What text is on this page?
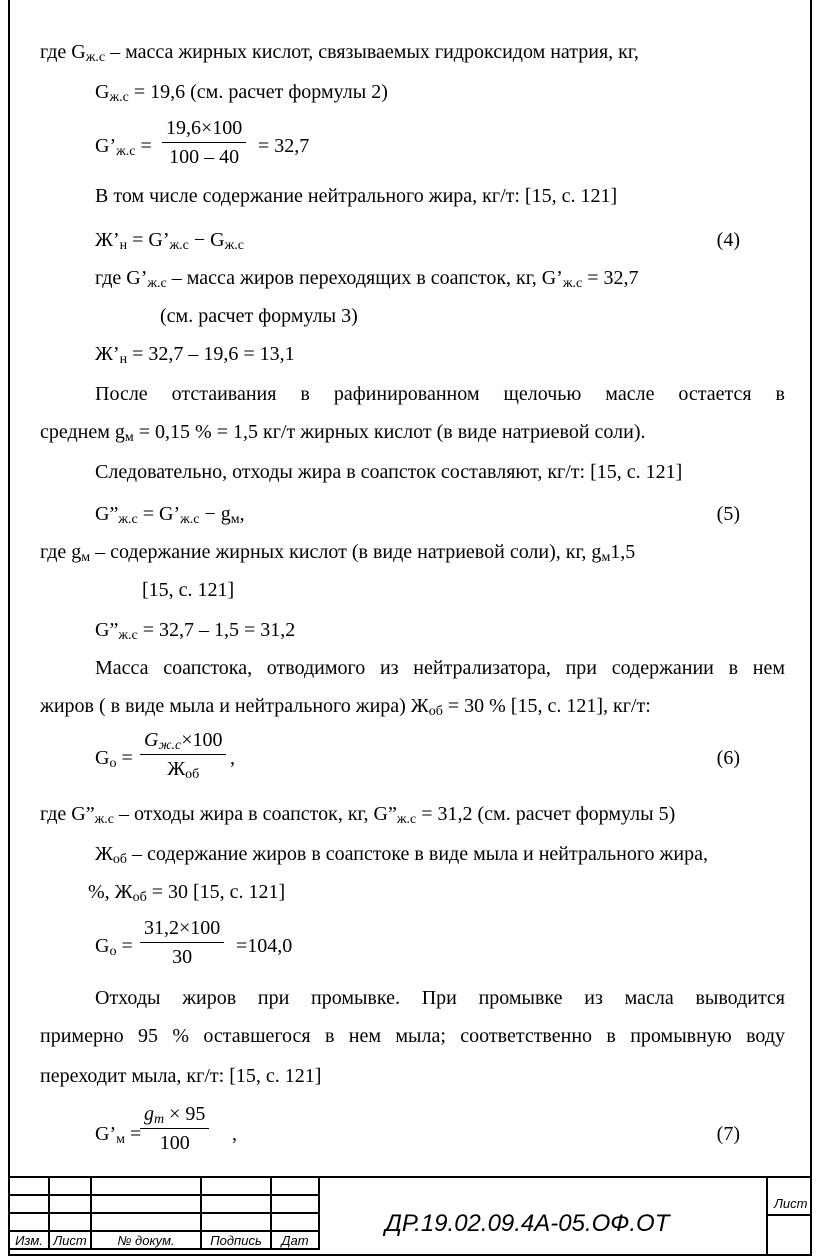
где $G_{ж.с}$ – масса жирных кислот, связываемых гидроксидом натрия, кг,
$G_{ж.с} = 19,6$ (см. расчет формулы 2)
$G’_{ж.с} = \frac{19,6\times 100}{100 - 40} = 32,7$
В том числе содержание нейтрального жира, кг/т: [15, с. 121]
$Ж’_н$ = $G’_{ж.с} - G_{ж.с}$	(4)
где $G’_{ж.с}$ – масса жиров переходящих в соапсток, кг, $G’_{ж.с} = 32,7$
(см. расчет формулы 3)
$Ж’_н = 32,7 - 19,6 = 13,1$
После отстаивания в рафинированном щелочью масле остается в
среднем $g_м = 0,15$ % = 1,5 кг/т жирных кислот (в виде натриевой соли).
Следовательно, отходы жира в соапсток составляют, кг/т: [15, с. 121]
$G”_{ж.с}$ = $G’_{ж.с} - g_м$,	(5)
где $g_м$ – содержание жирных кислот (в виде натриевой соли), кг, $g_м1,5$
[15, с. 121]
$G”_{ж.с} = 32,7 - 1,5 = 31,2$
Масса соапстока, отводимого из нейтрализатора, при содержании в нем
жиров ( в виде мыла и нейтрального жира) $Ж_{об} = 30$ % [15, с. 121], кг/т:
$G_о$ =
$G_{ж.с}\times 100$
$Ж_{об}$
,	(6)
где $G”_{ж.с}$ – отходы жира в соапсток, кг, $G”_{ж.с} = 31,2$ (см. расчет формулы 5)
$Ж_{об}$ – содержание жиров в соапстоке в виде мыла и нейтрального жира,
%, $Ж_{об} = 30$ [15, с. 121]
$G_о = \frac{31,2\times 100}{30} =104,0$
Отходы жиров при промывке. При промывке из масла выводится
примерно 95 % оставшегося в нем мыла; соответственно в промывную воду
переходит мыла, кг/т: [15, с. 121]
$G’_м$ =
$\frac{g_m \times 95}{100}$ ,	(7)

Изм.	Лист	№ докум.	Подпись	Дат
Лист
ДР.19.02.09.4А-05.ОФ.ОТ
